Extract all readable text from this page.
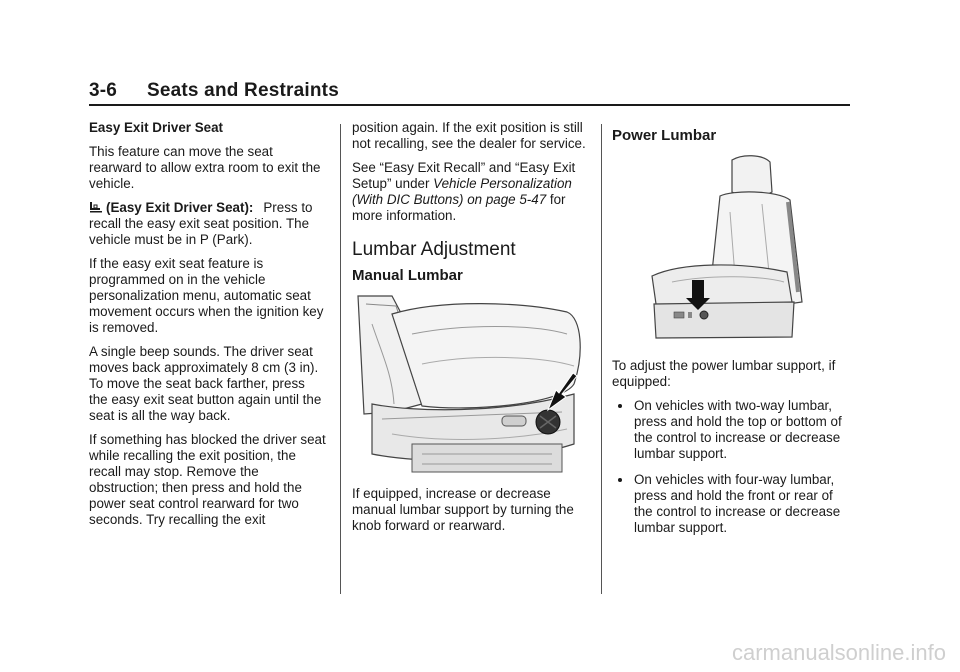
3-6 Seats and Restraints

Easy Exit Driver Seat

This feature can move the seat rearward to allow extra room to exit the vehicle.

(Easy Exit Driver Seat): Press to recall the easy exit seat position. The vehicle must be in P (Park).

If the easy exit seat feature is programmed on in the vehicle personalization menu, automatic seat movement occurs when the ignition key is removed.

A single beep sounds. The driver seat moves back approximately 8 cm (3 in). To move the seat back farther, press the easy exit seat button again until the seat is all the way back.

If something has blocked the driver seat while recalling the exit position, the recall may stop. Remove the obstruction; then press and hold the power seat control rearward for two seconds. Try recalling the exit

position again. If the exit position is still not recalling, see the dealer for service.

See “Easy Exit Recall” and “Easy Exit Setup” under Vehicle Personalization (With DIC Buttons) on page 5-47 for more information.

Lumbar Adjustment
Manual Lumbar

If equipped, increase or decrease manual lumbar support by turning the knob forward or rearward.

Power Lumbar

To adjust the power lumbar support, if equipped:

On vehicles with two-way lumbar, press and hold the top or bottom of the control to increase or decrease lumbar support.
On vehicles with four-way lumbar, press and hold the front or rear of the control to increase or decrease lumbar support.
carmanualsonline.info
